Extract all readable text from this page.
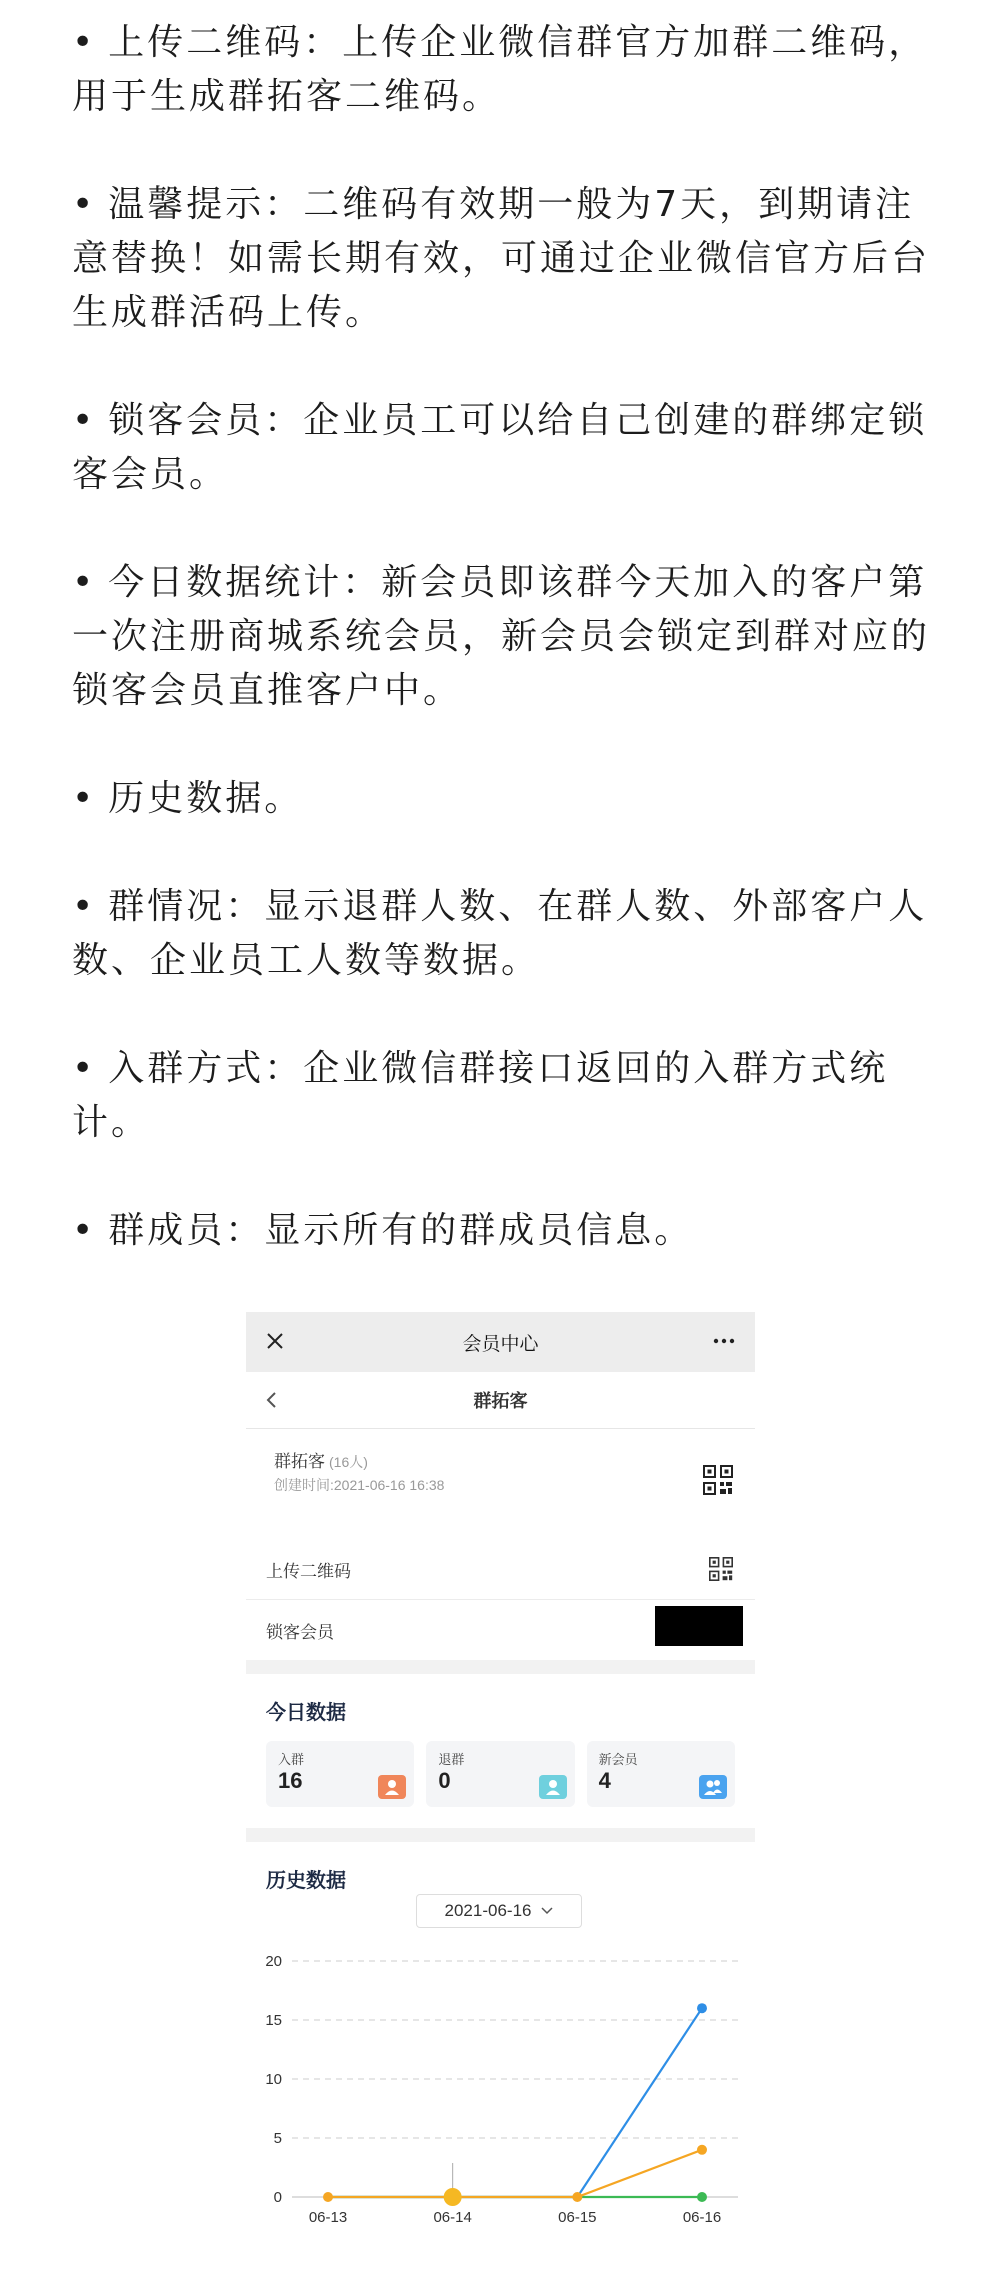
• 上传二维码：上传企业微信群官方加群二维码，用于生成群拓客二维码。

• 温馨提示：二维码有效期一般为7天，到期请注意替换！如需长期有效，可通过企业微信官方后台生成群活码上传。

• 锁客会员：企业员工可以给自己创建的群绑定锁客会员。

• 今日数据统计：新会员即该群今天加入的客户第一次注册商城系统会员，新会员会锁定到群对应的锁客会员直推客户中。

• 历史数据。

• 群情况：显示退群人数、在群人数、外部客户人数、企业员工人数等数据。

• 入群方式：企业微信群接口返回的入群方式统计。

• 群成员：显示所有的群成员信息。

会员中心
群拓客
群拓客 (16人)
创建时间:2021-06-16 16:38
上传二维码
锁客会员
今日数据
入群
16
退群
0
新会员
4
历史数据
2021-06-16
0
5
10
15
20
06-13	06-14	06-15	06-16
